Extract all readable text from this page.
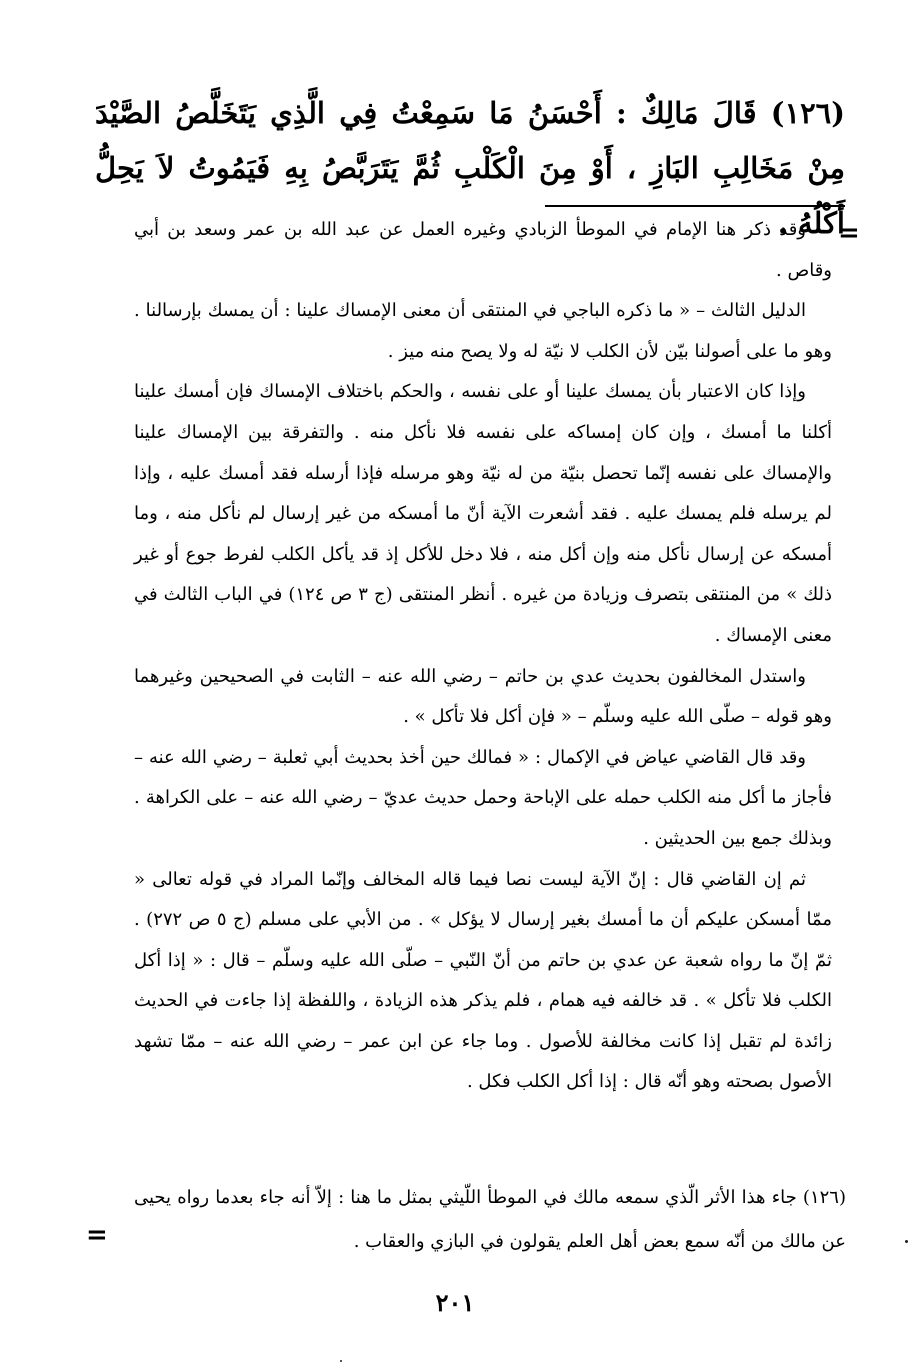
(١٢٦) قَالَ مَالِكٌ : أَحْسَنُ مَا سَمِعْتُ فِي الَّذِي يَتَخَلَّصُ الصَّيْدَ مِنْ مَخَالِبِ البَازِ ، أَوْ مِنَ الْكَلْبِ ثُمَّ يَتَرَبَّصُ بِهِ فَيَمُوتُ لاَ يَحِلُّ أَكْلُهُ .
=

وقد ذكر هنا الإمام في الموطأ الزبادي وغيره العمل عن عبد الله بن عمر وسعد بن أبي وقاص .

الدليل الثالث – « ما ذكره الباجي في المنتقى أن معنى الإمساك علينا : أن يمسك بإرسالنا . وهو ما على أصولنا بيّن لأن الكلب لا نيّة له ولا يصح منه ميز .

وإذا كان الاعتبار بأن يمسك علينا أو على نفسه ، والحكم باختلاف الإمساك فإن أمسك علينا أكلنا ما أمسك ، وإن كان إمساكه على نفسه فلا نأكل منه . والتفرقة بين الإمساك علينا والإمساك على نفسه إنّما تحصل بنيّة من له نيّة وهو مرسله فإذا أرسله فقد أمسك عليه ، وإذا لم يرسله فلم يمسك عليه . فقد أشعرت الآية أنّ ما أمسكه من غير إرسال لم نأكل منه ، وما أمسكه عن إرسال نأكل منه وإن أكل منه ، فلا دخل للأكل إذ قد يأكل الكلب لفرط جوع أو غير ذلك » من المنتقى بتصرف وزيادة من غيره . أنظر المنتقى (ج ٣ ص ١٢٤) في الباب الثالث في معنى الإمساك .

واستدل المخالفون بحديث عدي بن حاتم – رضي الله عنه – الثابت في الصحيحين وغيرهما وهو قوله – صلّى الله عليه وسلّم – « فإن أكل فلا تأكل » .

وقد قال القاضي عياض في الإكمال : « فمالك حين أخذ بحديث أبي ثعلبة – رضي الله عنه – فأجاز ما أكل منه الكلب حمله على الإباحة وحمل حديث عديّ – رضي الله عنه – على الكراهة . وبذلك جمع بين الحديثين .

ثم إن القاضي قال : إنّ الآية ليست نصا فيما قاله المخالف وإنّما المراد في قوله تعالى « ممّا أمسكن عليكم أن ما أمسك بغير إرسال لا يؤكل » . من الأبي على مسلم (ج ٥ ص ٢٧٢) . ثمّ إنّ ما رواه شعبة عن عدي بن حاتم من أنّ النّبي – صلّى الله عليه وسلّم – قال : « إذا أكل الكلب فلا تأكل » . قد خالفه فيه همام ، فلم يذكر هذه الزيادة ، واللفظة إذا جاءت في الحديث زائدة لم تقبل إذا كانت مخالفة للأصول . وما جاء عن ابن عمر – رضي الله عنه – ممّا تشهد الأصول بصحته وهو أنّه قال : إذا أكل الكلب فكل .

(١٢٦) جاء هذا الأثر الّذي سمعه مالك في الموطأ اللّيثي بمثل ما هنا : إلاّ أنه جاء بعدما رواه يحيى عن مالك من أنّه سمع بعض أهل العلم يقولون في البازي والعقاب .

=
٢٠١
